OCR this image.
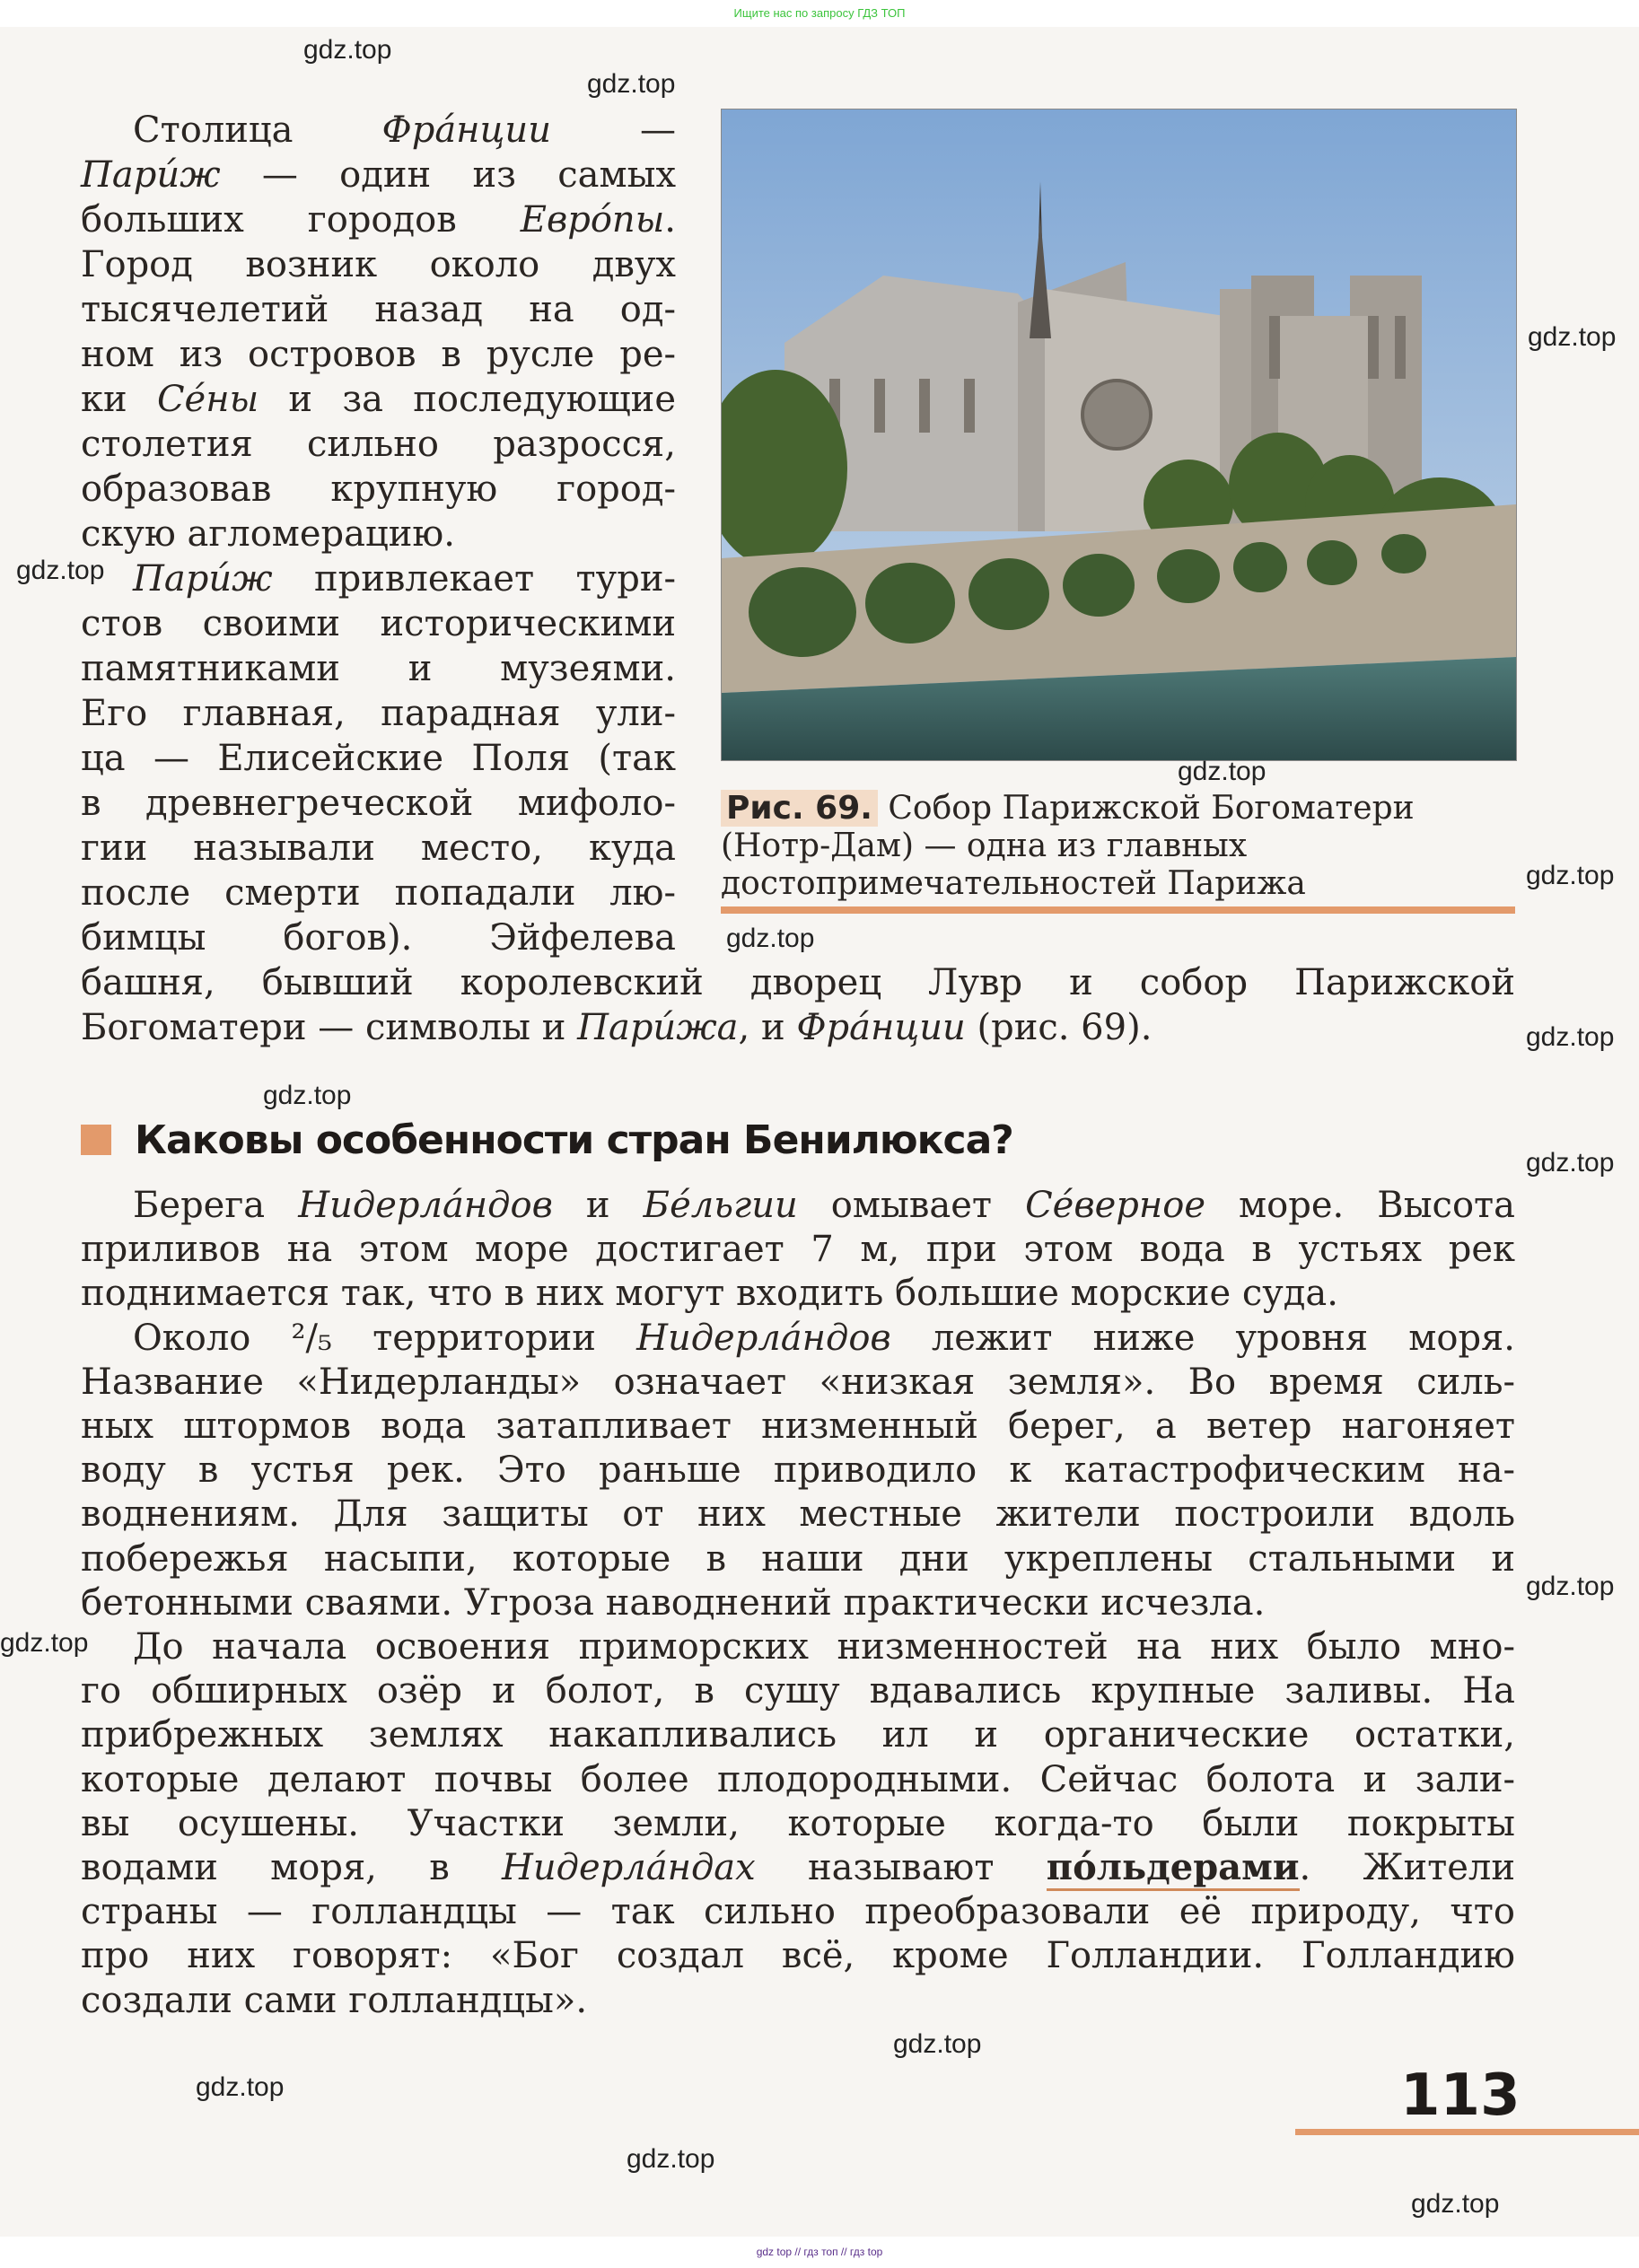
Ищите нас по запросу ГДЗ ТОП
Столица Фра́нции —
Пари́ж — один из самых
больших городов Евро́пы.
Город возник около двух
тысячелетий назад на од-
ном из островов в русле ре-
ки Се́ны и за последующие
столетия сильно разросся,
образовав крупную город-
скую агломерацию.
Пари́ж привлекает тури-
стов своими историческими
памятниками и музеями.
Его главная, парадная ули-
ца — Елисейские Поля (так
в древнегреческой мифоло-
гии называли место, куда
после смерти попадали лю-
бимцы богов). Эйфелева
башня, бывший королевский дворец Лувр и собор Парижской
Богоматери — символы и Пари́жа, и Фра́нции (рис. 69).
Рис. 69. Собор Парижской Богоматери
(Нотр-Дам) — одна из главных
достопримечательностей Парижа
Каковы особенности стран Бенилюкса?
Берега Нидерла́ндов и Бе́льгии омывает Се́верное море. Высота
приливов на этом море достигает 7 м, при этом вода в устьях рек
поднимается так, что в них могут входить большие морские суда.
Около ²/₅ территории Нидерла́ндов лежит ниже уровня моря.
Название «Нидерланды» означает «низкая земля». Во время силь-
ных штормов вода затапливает низменный берег, а ветер нагоняет
воду в устья рек. Это раньше приводило к катастрофическим на-
воднениям. Для защиты от них местные жители построили вдоль
побережья насыпи, которые в наши дни укреплены стальными и
бетонными сваями. Угроза наводнений практически исчезла.
До начала освоения приморских низменностей на них было мно-
го обширных озёр и болот, в сушу вдавались крупные заливы. На
прибрежных землях накапливались ил и органические остатки,
которые делают почвы более плодородными. Сейчас болота и зали-
вы осушены. Участки земли, которые когда-то были покрыты
водами моря, в Нидерла́ндах называют по́льдерами. Жители
страны — голландцы — так сильно преобразовали её природу, что
про них говорят: «Бог создал всё, кроме Голландии. Голландию
создали сами голландцы».
113
gdz.top
gdz.top
gdz.top
gdz.top
gdz.top
gdz.top
gdz.top
gdz.top
gdz.top
gdz.top
gdz.top
gdz.top
gdz.top
gdz.top
gdz.top
gdz.top
gdz top // гдз топ // гдз top
